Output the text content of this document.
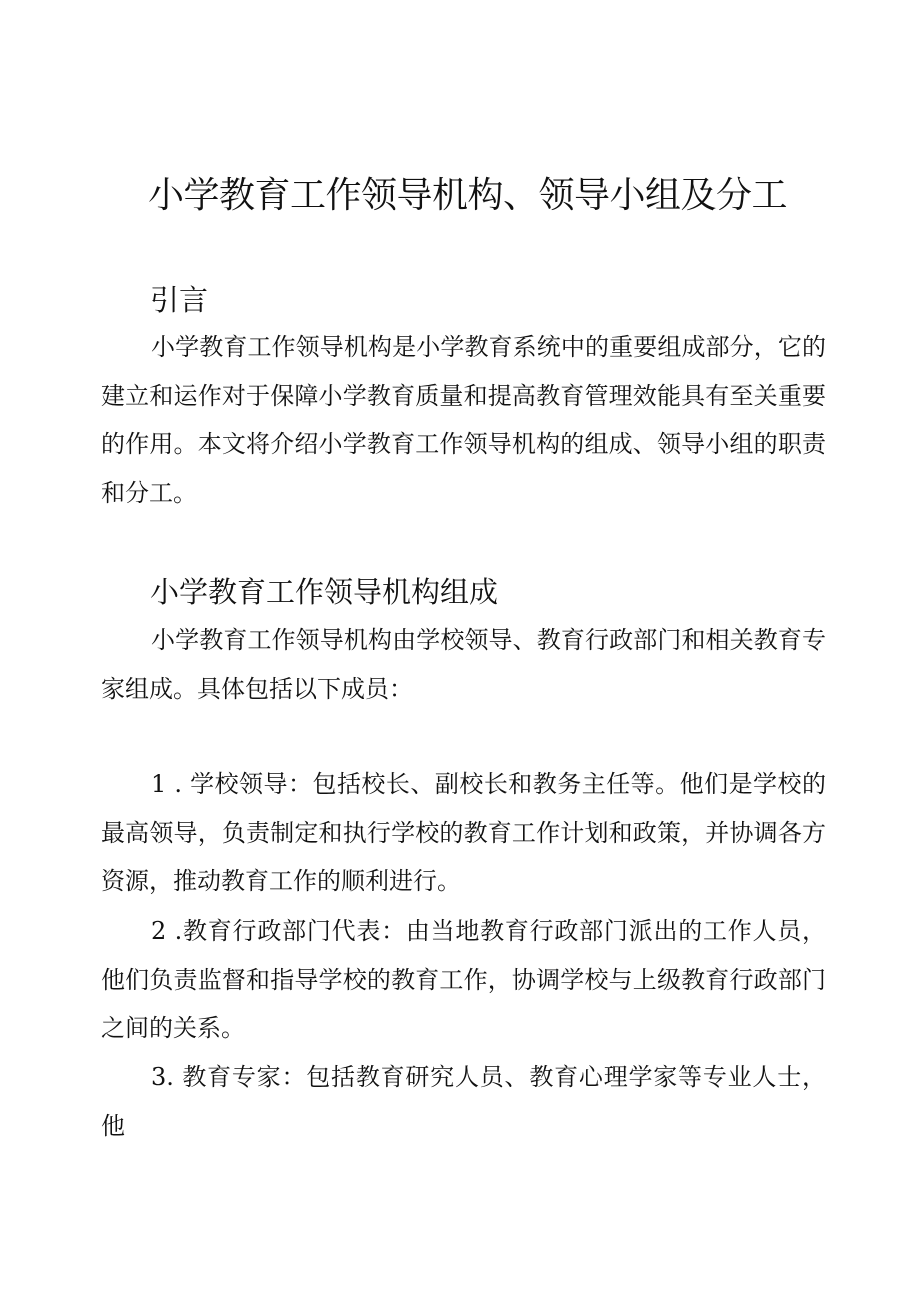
小学教育工作领导机构、领导小组及分工
引言

小学教育工作领导机构是小学教育系统中的重要组成部分，它的建立和运作对于保障小学教育质量和提高教育管理效能具有至关重要的作用。本文将介绍小学教育工作领导机构的组成、领导小组的职责和分工。

小学教育工作领导机构组成

小学教育工作领导机构由学校领导、教育行政部门和相关教育专家组成。具体包括以下成员：

1 . 学校领导：包括校长、副校长和教务主任等。他们是学校的最高领导，负责制定和执行学校的教育工作计划和政策，并协调各方资源，推动教育工作的顺利进行。

2 .教育行政部门代表：由当地教育行政部门派出的工作人员，他们负责监督和指导学校的教育工作，协调学校与上级教育行政部门之间的关系。

3. 教育专家：包括教育研究人员、教育心理学家等专业人士，他
